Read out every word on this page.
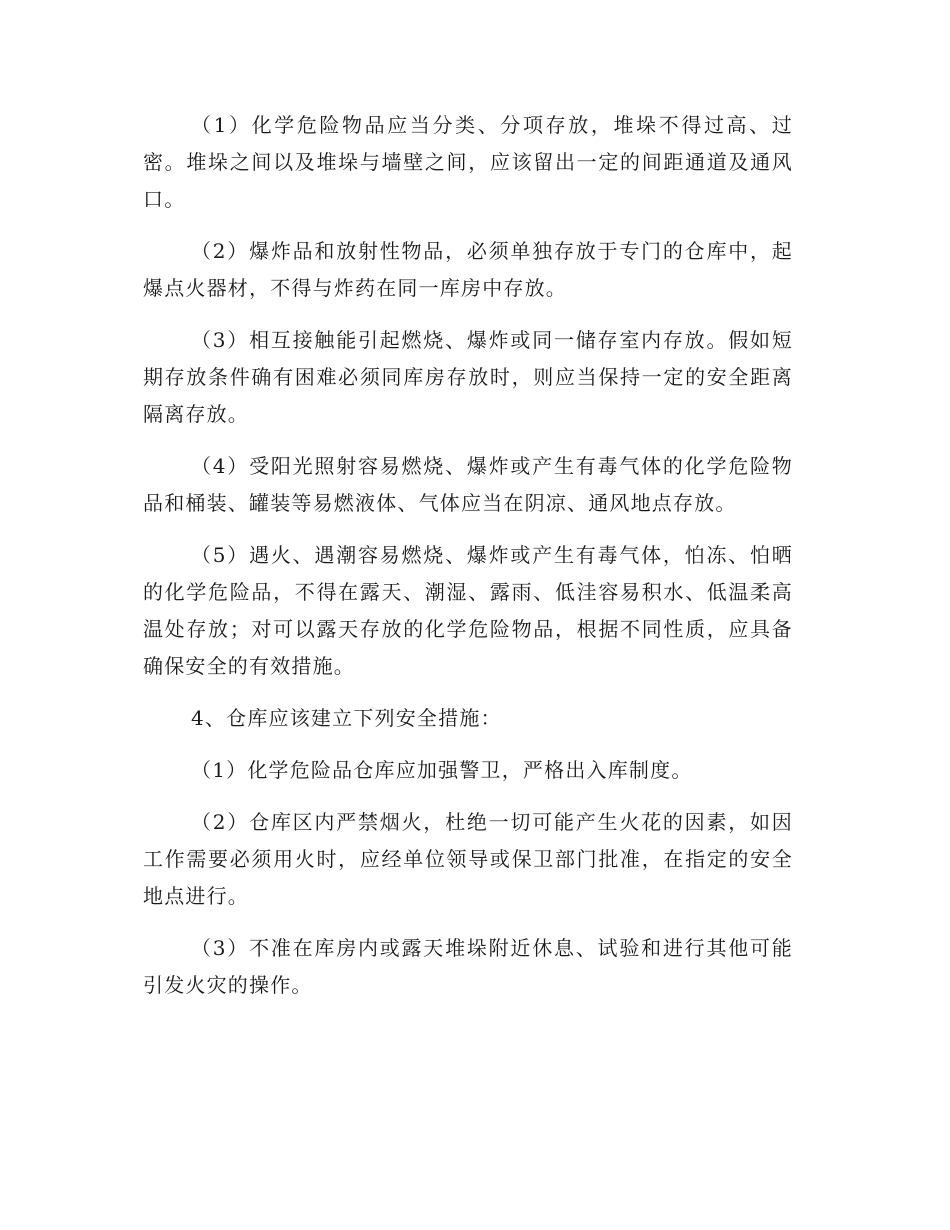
（1）化学危险物品应当分类、分项存放，堆垛不得过高、过密。堆垛之间以及堆垛与墙壁之间，应该留出一定的间距通道及通风口。

（2）爆炸品和放射性物品，必须单独存放于专门的仓库中，起爆点火器材，不得与炸药在同一库房中存放。

（3）相互接触能引起燃烧、爆炸或同一储存室内存放。假如短期存放条件确有困难必须同库房存放时，则应当保持一定的安全距离隔离存放。

（4）受阳光照射容易燃烧、爆炸或产生有毒气体的化学危险物品和桶装、罐装等易燃液体、气体应当在阴凉、通风地点存放。

（5）遇火、遇潮容易燃烧、爆炸或产生有毒气体，怕冻、怕晒的化学危险品，不得在露天、潮湿、露雨、低洼容易积水、低温柔高温处存放；对可以露天存放的化学危险物品，根据不同性质，应具备确保安全的有效措施。

4、仓库应该建立下列安全措施：

（1）化学危险品仓库应加强警卫，严格出入库制度。

（2）仓库区内严禁烟火，杜绝一切可能产生火花的因素，如因工作需要必须用火时，应经单位领导或保卫部门批准，在指定的安全地点进行。

（3）不准在库房内或露天堆垛附近休息、试验和进行其他可能引发火灾的操作。
